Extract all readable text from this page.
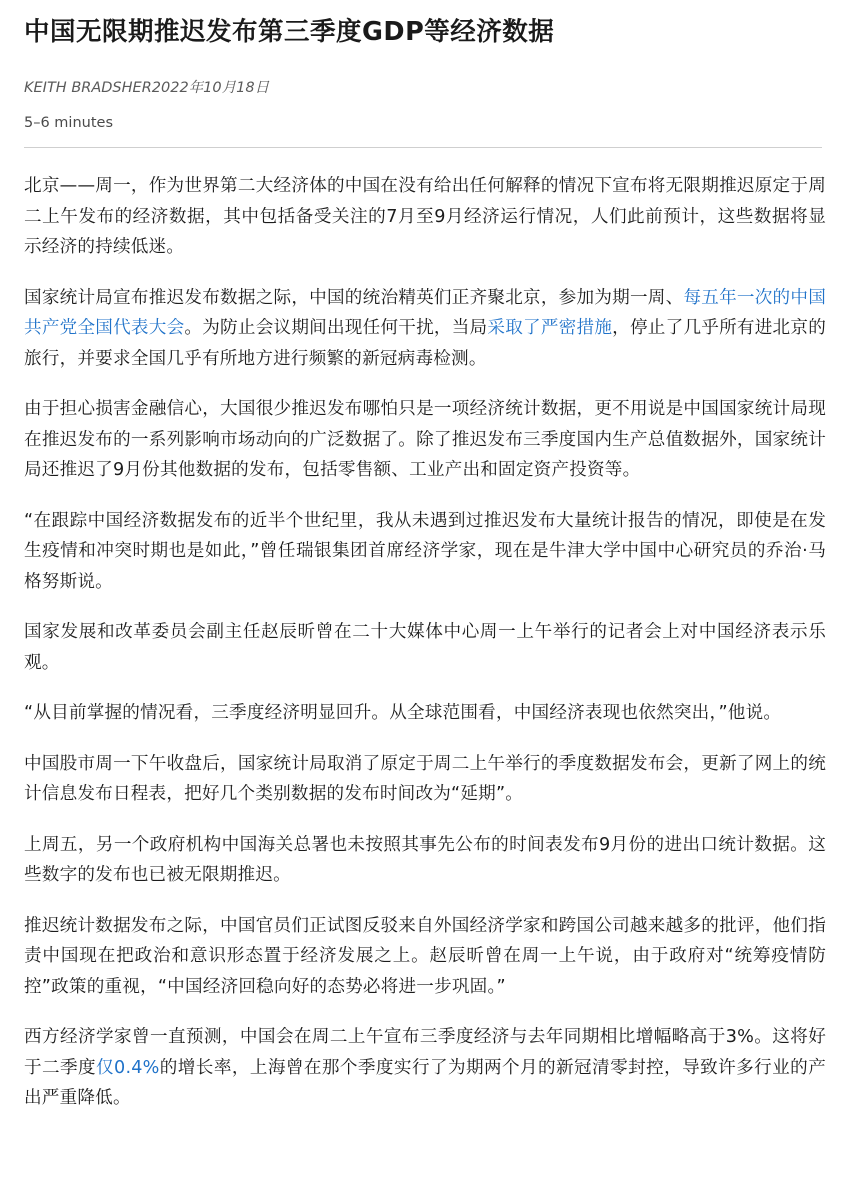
中国无限期推迟发布第三季度GDP等经济数据
KEITH BRADSHER2022年10月18日
5–6 minutes

北京——周一，作为世界第二大经济体的中国在没有给出任何解释的情况下宣布将无限期推迟原定于周二上午发布的经济数据，其中包括备受关注的7月至9月经济运行情况，人们此前预计，这些数据将显示经济的持续低迷。

国家统计局宣布推迟发布数据之际，中国的统治精英们正齐聚北京，参加为期一周、每五年一次的中国共产党全国代表大会。为防止会议期间出现任何干扰，当局采取了严密措施，停止了几乎所有进北京的旅行，并要求全国几乎有所地方进行频繁的新冠病毒检测。

由于担心损害金融信心，大国很少推迟发布哪怕只是一项经济统计数据，更不用说是中国国家统计局现在推迟发布的一系列影响市场动向的广泛数据了。除了推迟发布三季度国内生产总值数据外，国家统计局还推迟了9月份其他数据的发布，包括零售额、工业产出和固定资产投资等。

“在跟踪中国经济数据发布的近半个世纪里，我从未遇到过推迟发布大量统计报告的情况，即使是在发生疫情和冲突时期也是如此，”曾任瑞银集团首席经济学家，现在是牛津大学中国中心研究员的乔治·马格努斯说。

国家发展和改革委员会副主任赵辰昕曾在二十大媒体中心周一上午举行的记者会上对中国经济表示乐观。

“从目前掌握的情况看，三季度经济明显回升。从全球范围看，中国经济表现也依然突出，”他说。

中国股市周一下午收盘后，国家统计局取消了原定于周二上午举行的季度数据发布会，更新了网上的统计信息发布日程表，把好几个类别数据的发布时间改为“延期”。

上周五，另一个政府机构中国海关总署也未按照其事先公布的时间表发布9月份的进出口统计数据。这些数字的发布也已被无限期推迟。

推迟统计数据发布之际，中国官员们正试图反驳来自外国经济学家和跨国公司越来越多的批评，他们指责中国现在把政治和意识形态置于经济发展之上。赵辰昕曾在周一上午说，由于政府对“统筹疫情防控”政策的重视，“中国经济回稳向好的态势必将进一步巩固。”

西方经济学家曾一直预测，中国会在周二上午宣布三季度经济与去年同期相比增幅略高于3%。这将好于二季度仅0.4%的增长率，上海曾在那个季度实行了为期两个月的新冠清零封控，导致许多行业的产出严重降低。
